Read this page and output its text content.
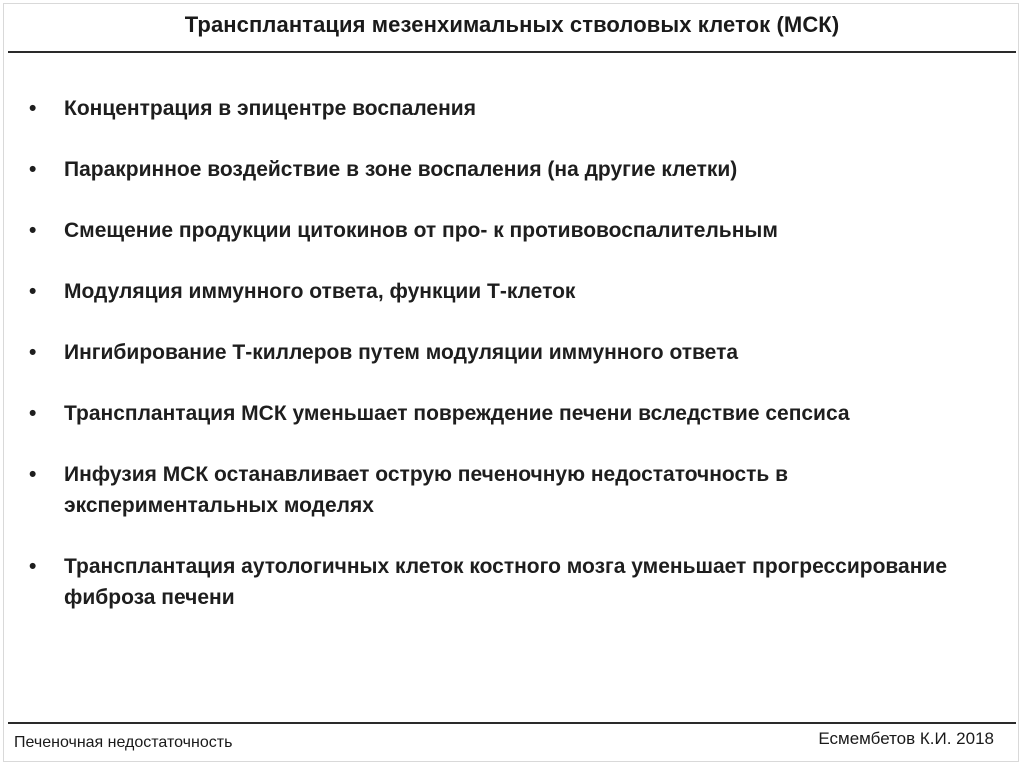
Трансплантация мезенхимальных стволовых клеток (МСК)
• Концентрация в эпицентре воспаления
• Паракринное воздействие в зоне воспаления (на другие клетки)
• Смещение продукции цитокинов от про- к противовоспалительным
• Модуляция иммунного ответа, функции Т-клеток
• Ингибирование Т-киллеров путем модуляции иммунного ответа
• Трансплантация МСК уменьшает повреждение печени вследствие сепсиса
• Инфузия МСК останавливает острую печеночную недостаточность в экспериментальных моделях
• Трансплантация аутологичных клеток костного мозга уменьшает прогрессирование фиброза печени
Печеночная недостаточность	Есмембетов К.И. 2018
